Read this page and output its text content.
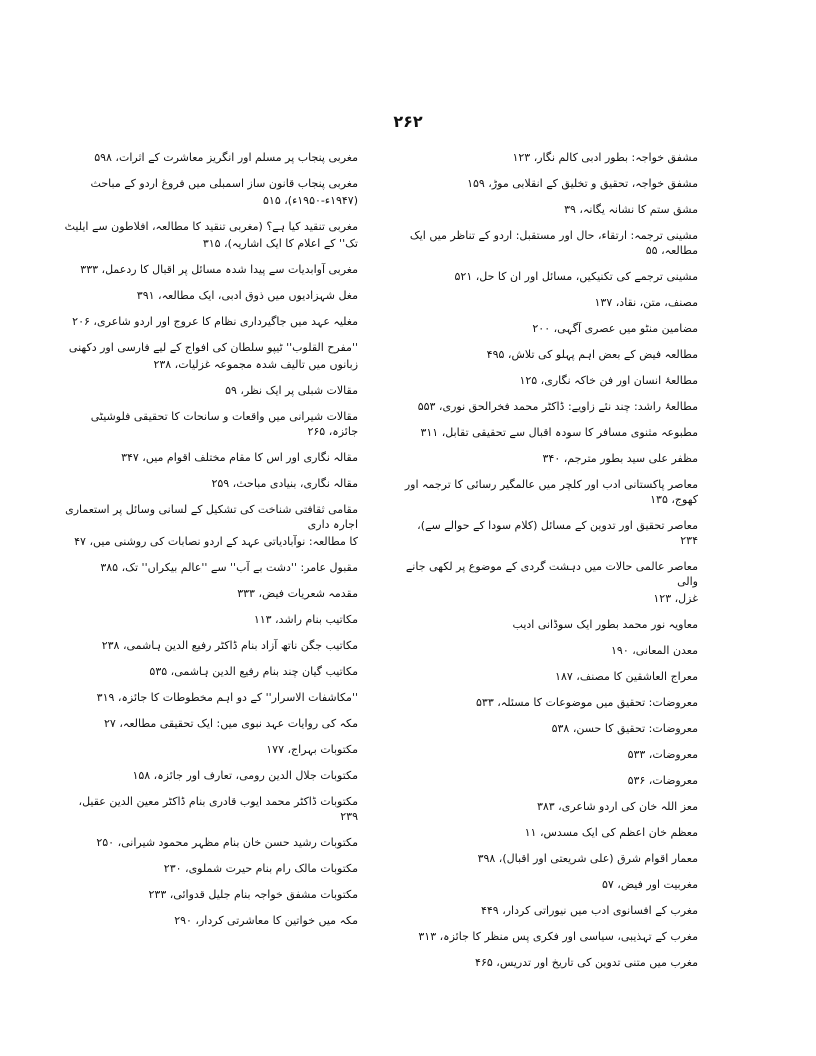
۲۶۲
مشفق خواجہ: بطور ادبی کالم نگار، ۱۲۳
مشفق خواجہ، تحقیق و تخلیق کے انقلابی موڑ، ۱۵۹
مشق ستم کا نشانہ یگانہ، ۳۹
مشینی ترجمہ: ارتقاء، حال اور مستقبل: اردو کے تناظر میں ایک مطالعہ، ۵۵
مشینی ترجمے کی تکنیکیں، مسائل اور ان کا حل، ۵۲۱
مصنف، متن، نقاد، ۱۳۷
مضامین منٹو میں عصری آگہی، ۲۰۰
مطالعہ فیض کے بعض اہم پہلو کی تلاش، ۴۹۵
مطالعۂ انسان اور فن خاکہ نگاری، ۱۲۵
مطالعۂ راشد: چند نئے زاویے: ڈاکٹر محمد فخرالحق نوری، ۵۵۳
مطبوعہ مثنوی مسافر کا سودہ اقبال سے تحقیقی تقابل، ۳۱۱
مظفر علی سید بطور مترجم، ۳۴۰
معاصر پاکستانی ادب اور کلچر میں عالمگیر رسائی کا ترجمہ اور کھوج، ۱۳۵
معاصر تحقیق اور تدوین کے مسائل (کلام سودا کے حوالے سے)، ۲۳۴
معاصر عالمی حالات میں دہشت گردی کے موضوع پر لکھی جانے والی
غزل، ۱۲۳
معاویہ نور محمد بطور ایک سوڈانی ادیب
معدن المعانی، ۱۹۰
معراج العاشقین کا مصنف، ۱۸۷
معروضات: تحقیق میں موضوعات کا مسئلہ، ۵۳۳
معروضات: تحقیق کا حسن، ۵۳۸
معروضات، ۵۳۳
معروضات، ۵۳۶
معز اللہ خان کی اردو شاعری، ۳۸۳
معظم خان اعظم کی ایک مسدس، ۱۱
معمار اقوام شرق (علی شریعتی اور اقبال)، ۳۹۸
مغربیت اور فیض، ۵۷
مغرب کے افسانوی ادب میں نیوراتی کردار، ۴۴۹
مغرب کے تہذیبی، سیاسی اور فکری پس منظر کا جائزہ، ۳۱۳
مغرب میں متنی تدوین کی تاریخ اور تدریس، ۴۶۵
مغربی پنجاب پر مسلم اور انگریز معاشرت کے اثرات، ۵۹۸
مغربی پنجاب قانون ساز اسمبلی میں فروغ اردو کے مباحث
(۱۹۴۷ء-۱۹۵۰ء)، ۵۱۵
مغربی تنقید کیا ہے؟ (مغربی تنقید کا مطالعہ، افلاطون سے ایلیٹ
تک'' کے اعلام کا ایک اشاریہ)، ۳۱۵
مغربی آوابدیات سے پیدا شدہ مسائل پر اقبال کا ردعمل، ۳۳۳
مغل شہزادیوں میں ذوق ادبی، ایک مطالعہ، ۳۹۱
مغلیہ عہد میں جاگیرداری نظام کا عروج اور اردو شاعری، ۲۰۶
''مفرح القلوب'' ٹیپو سلطان کی افواج کے لیے فارسی اور دکھنی
زبانوں میں تالیف شدہ مجموعہ غزلیات، ۲۳۸
مقالات شبلی پر ایک نظر، ۵۹
مقالات شیرانی میں واقعات و سانحات کا تحقیقی فلوشیٹی جائزہ، ۲۶۵
مقالہ نگاری اور اس کا مقام مختلف اقوام میں، ۳۴۷
مقالہ نگاری، بنیادی مباحث، ۲۵۹
مقامی ثقافتی شناخت کی تشکیل کے لسانی وسائل پر استعماری اجارہ داری
کا مطالعہ: نوآبادیاتی عہد کے اردو نصابات کی روشنی میں، ۴۷
مقبول عامر: ''دشت بے آب'' سے ''عالم بیکراں'' تک، ۳۸۵
مقدمہ شعریات فیض، ۳۳۳
مکاتیب بنام راشد، ۱۱۳
مکاتیب جگن ناتھ آزاد بنام ڈاکٹر رفیع الدین ہاشمی، ۲۳۸
مکاتیب گیان چند بنام رفیع الدین ہاشمی، ۵۳۵
''مکاشفات الاسرار'' کے دو اہم مخطوطات کا جائزہ، ۳۱۹
مکہ کی روایات عہد نبوی میں: ایک تحقیقی مطالعہ، ۲۷
مکتوبات بہراج، ۱۷۷
مکتوبات جلال الدین رومی، تعارف اور جائزہ، ۱۵۸
مکتوبات ڈاکٹر محمد ایوب قادری بنام ڈاکٹر معین الدین عقیل، ۲۳۹
مکتوبات رشید حسن خان بنام مظہر محمود شیرانی، ۲۵۰
مکتوبات مالک رام بنام حیرت شملوی، ۲۳۰
مکتوبات مشفق خواجہ بنام جلیل قدوائی، ۲۳۳
مکہ میں خواتین کا معاشرتی کردار، ۲۹۰
